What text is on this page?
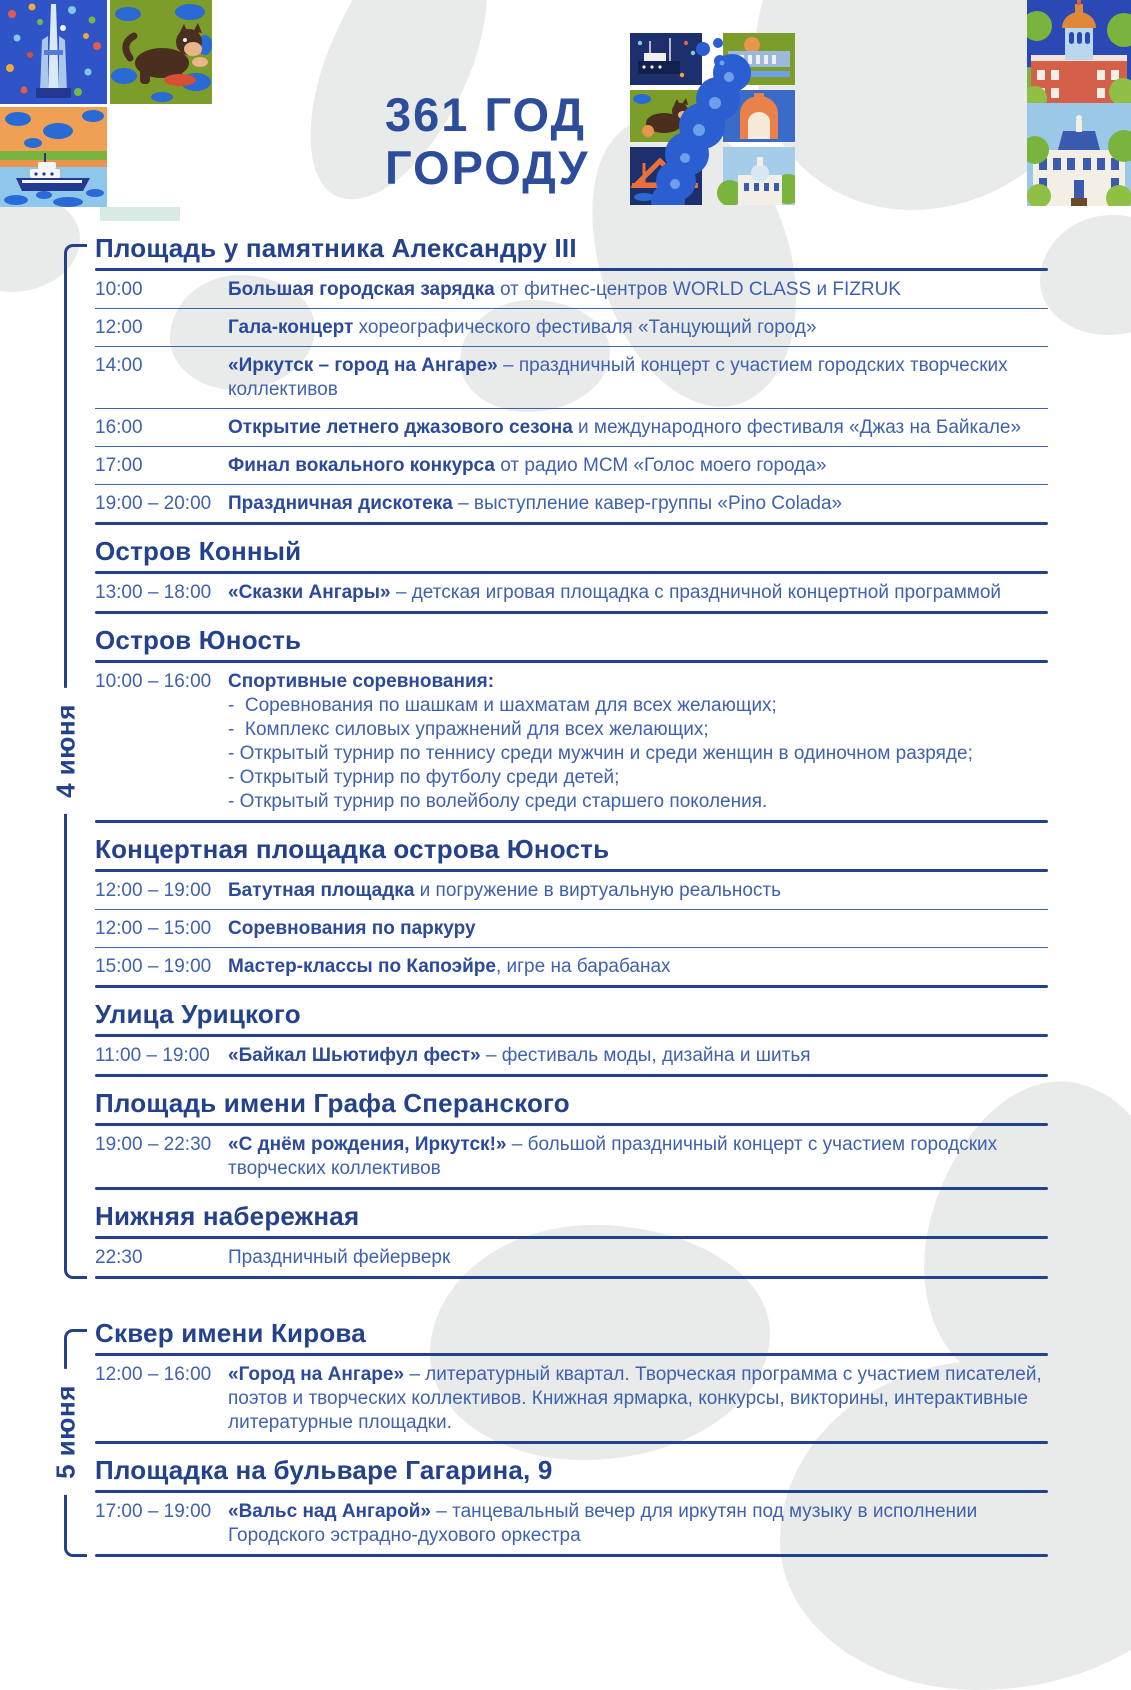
361 ГОД
ГОРОДУ
4 июня
Площадь у памятника Александру III
10:00	Большая городская зарядка от фитнес-центров WORLD CLASS и FIZRUK
12:00	Гала-концерт хореографического фестиваля «Танцующий город»
14:00	«Иркутск – город на Ангаре» – праздничный концерт с участием городских творческих коллективов
16:00	Открытие летнего джазового сезона и международного фестиваля «Джаз на Байкале»
17:00	Финал вокального конкурса от радио МСМ «Голос моего города»
19:00 – 20:00 Праздничная дискотека – выступление кавер-группы «Pino Colada»
Остров Конный
13:00 – 18:00 «Сказки Ангары» – детская игровая площадка с праздничной концертной программой
Остров Юность
10:00 – 16:00 Спортивные соревнования:
-  Соревнования по шашкам и шахматам для всех желающих;
-  Комплекс силовых упражнений для всех желающих;
- Открытый турнир по теннису среди мужчин и среди женщин в одиночном разряде;
- Открытый турнир по футболу среди детей;
- Открытый турнир по волейболу среди старшего поколения.
Концертная площадка острова Юность
12:00 – 19:00 Батутная площадка и погружение в виртуальную реальность
12:00 – 15:00 Соревнования по паркуру
15:00 – 19:00 Мастер-классы по Капоэйре, игре на барабанах
Улица Урицкого
11:00 – 19:00 «Байкал Шьютифул фест» – фестиваль моды, дизайна и шитья
Площадь имени Графа Сперанского
19:00 – 22:30 «С днём рождения, Иркутск!» – большой праздничный концерт с участием городских творческих коллективов
Нижняя набережная
22:30	Праздничный фейерверк
5 июня
Сквер имени Кирова
12:00 – 16:00 «Город на Ангаре» – литературный квартал. Творческая программа с участием писателей, поэтов и творческих коллективов. Книжная ярмарка, конкурсы, викторины, интерактивные литературные площадки.
Площадка на бульваре Гагарина, 9
17:00 – 19:00 «Вальс над Ангарой» – танцевальный вечер для иркутян под музыку в исполнении Городского эстрадно-духового оркестра
